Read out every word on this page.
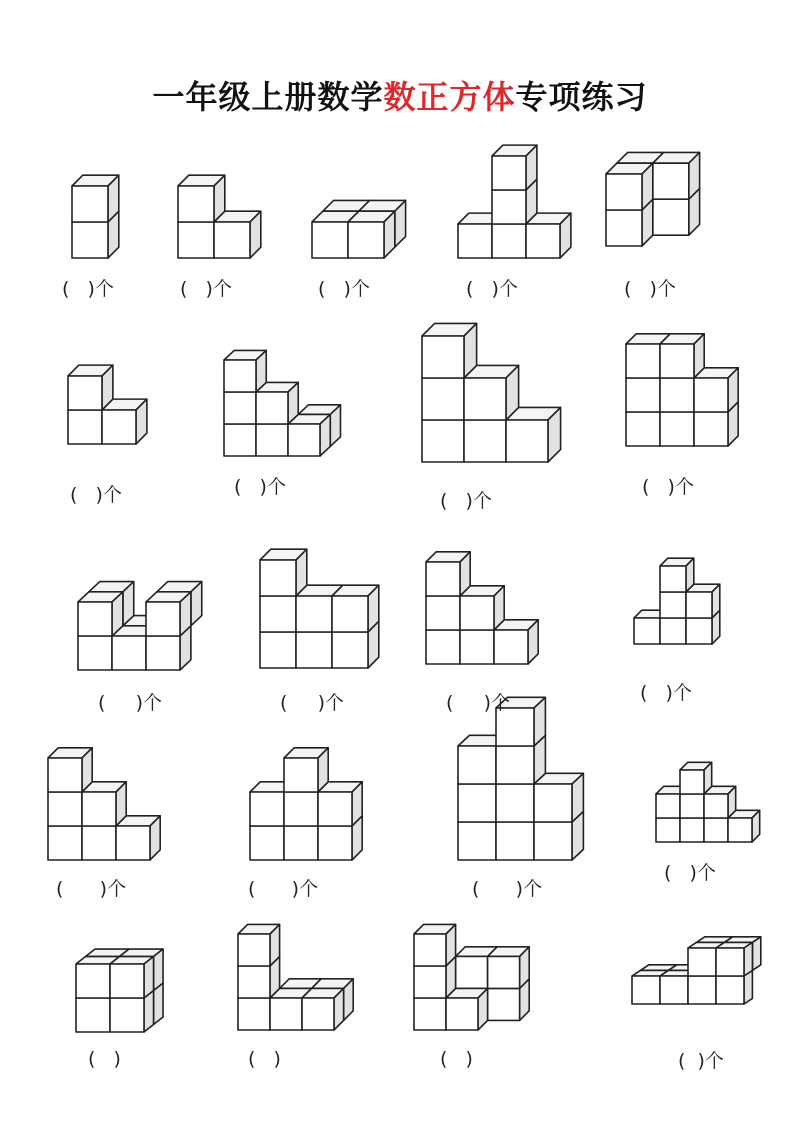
一年级上册数学数正方体专项练习
(   )个	(   )个	(   )个	(   )个	(   )个
(   )个	(   )个
(   )个
(   )个
(     )个	(     )个	(     )个	(   )个
(      )个	(      )个	(      )个
(   )个
(   )	(   )	(   )	(  )个
